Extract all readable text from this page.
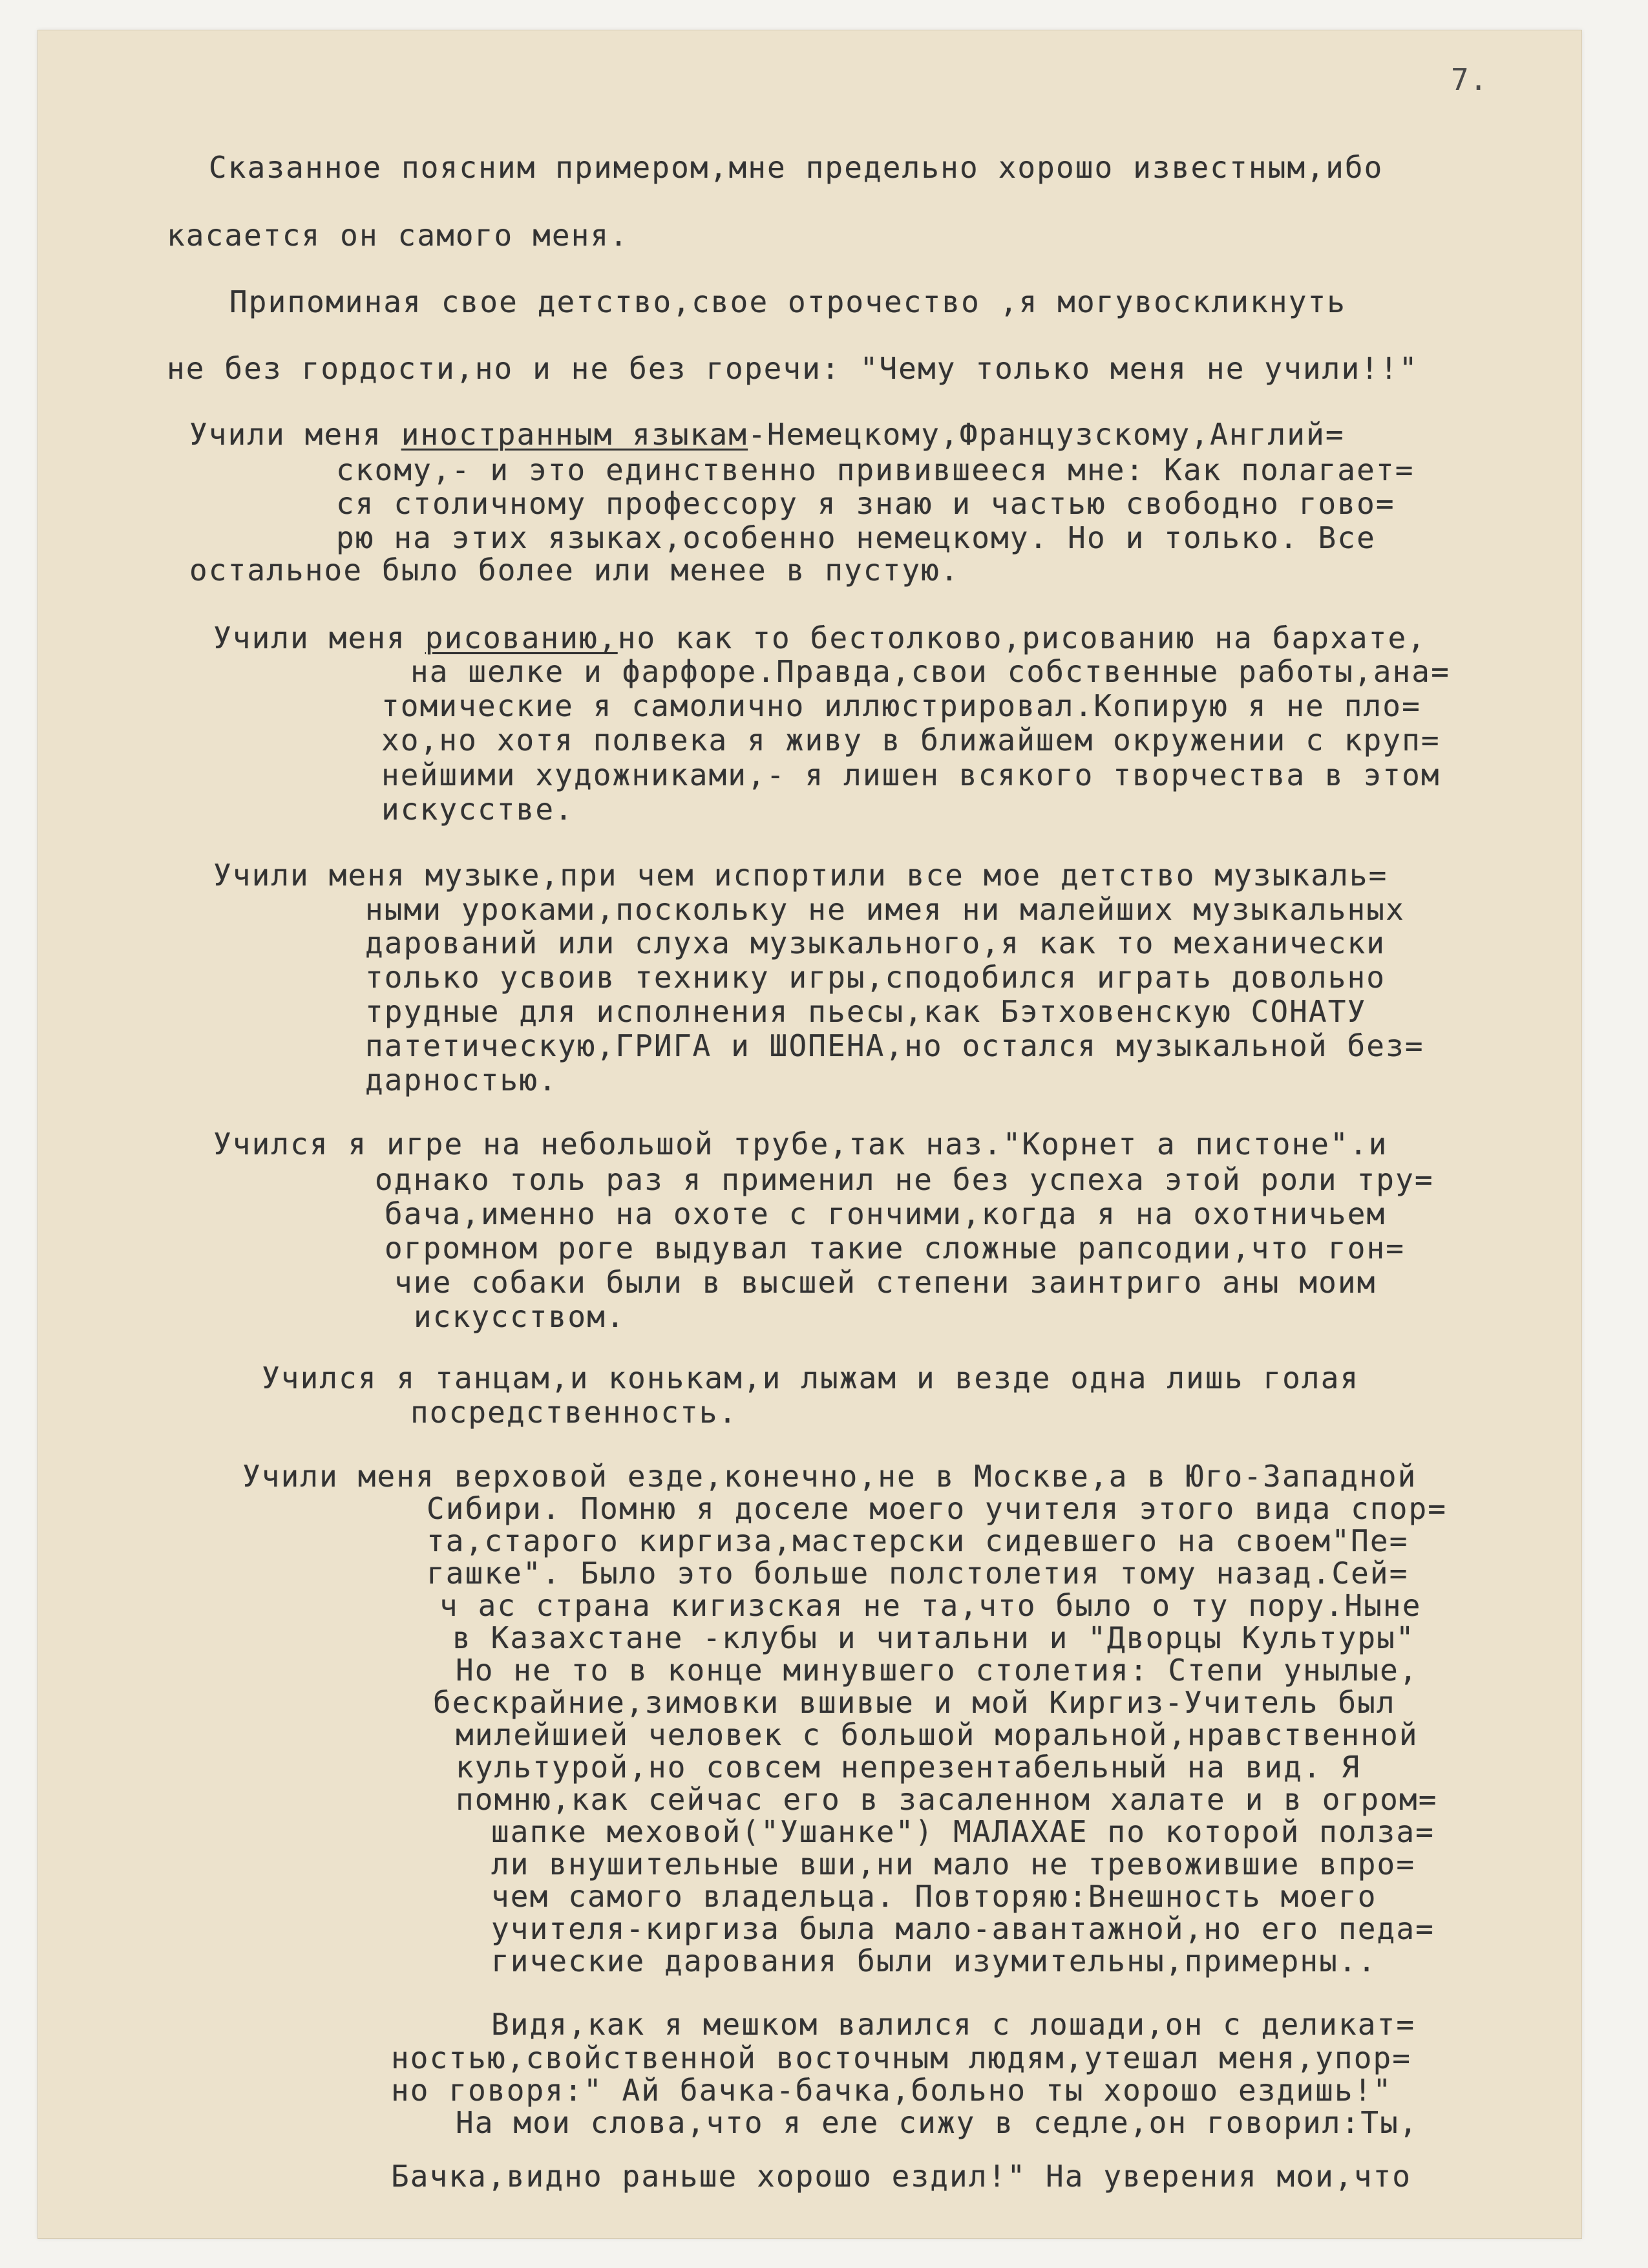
7.
Сказанное поясним примером,мне предельно хорошо известным,ибо
касается он самого меня.
Припоминая свое детство,свое отрочество ,я могувоскликнуть
не без гордости,но и не без горечи: "Чему только меня не учили!!"
Учили меня иностранным языкам-Немецкому,Французскому,Англий=
скому,- и это единственно привившееся мне: Как полагает=
ся столичному профессору я знаю и частью свободно гово=
рю на этих языках,особенно немецкому. Но и только. Все
остальное было более или менее в пустую.
Учили меня рисованию,но как то бестолково,рисованию на бархате,
на шелке и фарфоре.Правда,свои собственные работы,ана=
томические я самолично иллюстрировал.Копирую я не пло=
хо,но хотя полвека я живу в ближайшем окружении с круп=
нейшими художниками,- я лишен всякого творчества в этом
искусстве.
Учили меня музыке,при чем испортили все мое детство музыкаль=
ными уроками,поскольку не имея ни малейших музыкальных
дарований или слуха музыкального,я как то механически
только усвоив технику игры,сподобился играть довольно
трудные для исполнения пьесы,как Бэтховенскую СОНАТУ
патетическую,ГРИГА и ШОПЕНА,но остался музыкальной без=
дарностью.
Учился я игре на небольшой трубе,так наз."Корнет а пистоне".и
однако толь раз я применил не без успеха этой роли тру=
бача,именно на охоте с гончими,когда я на охотничьем
огромном роге выдувал такие сложные рапсодии,что гон=
чие собаки были в высшей степени заинтриго аны моим
искусством.
Учился я танцам,и конькам,и лыжам и везде одна лишь голая
посредственность.
Учили меня верховой езде,конечно,не в Москве,а в Юго-Западной
Сибири. Помню я доселе моего учителя этого вида спор=
та,старого киргиза,мастерски сидевшего на своем"Пе=
гашке". Было это больше полстолетия тому назад.Сей=
ч ас страна кигизская не та,что было о ту пору.Ныне
в Казахстане -клубы и читальни и "Дворцы Культуры"
Но не то в конце минувшего столетия: Степи унылые,
бескрайние,зимовки вшивые и мой Киргиз-Учитель был
милейшией человек с большой моральной,нравственной
культурой,но совсем непрезентабельный на вид. Я
помню,как сейчас его в засаленном халате и в огром=
шапке меховой("Ушанке") МАЛАХАЕ по которой полза=
ли внушительные вши,ни мало не тревожившие впро=
чем самого владельца. Повторяю:Внешность моего
учителя-киргиза была мало-авантажной,но его педа=
гические дарования были изумительны,примерны..
Видя,как я мешком валился с лошади,он с деликат=
ностью,свойственной восточным людям,утешал меня,упор=
но говоря:" Ай бачка-бачка,больно ты хорошо ездишь!"
На мои слова,что я еле сижу в седле,он говорил:Ты,
Бачка,видно раньше хорошо ездил!" На уверения мои,что
